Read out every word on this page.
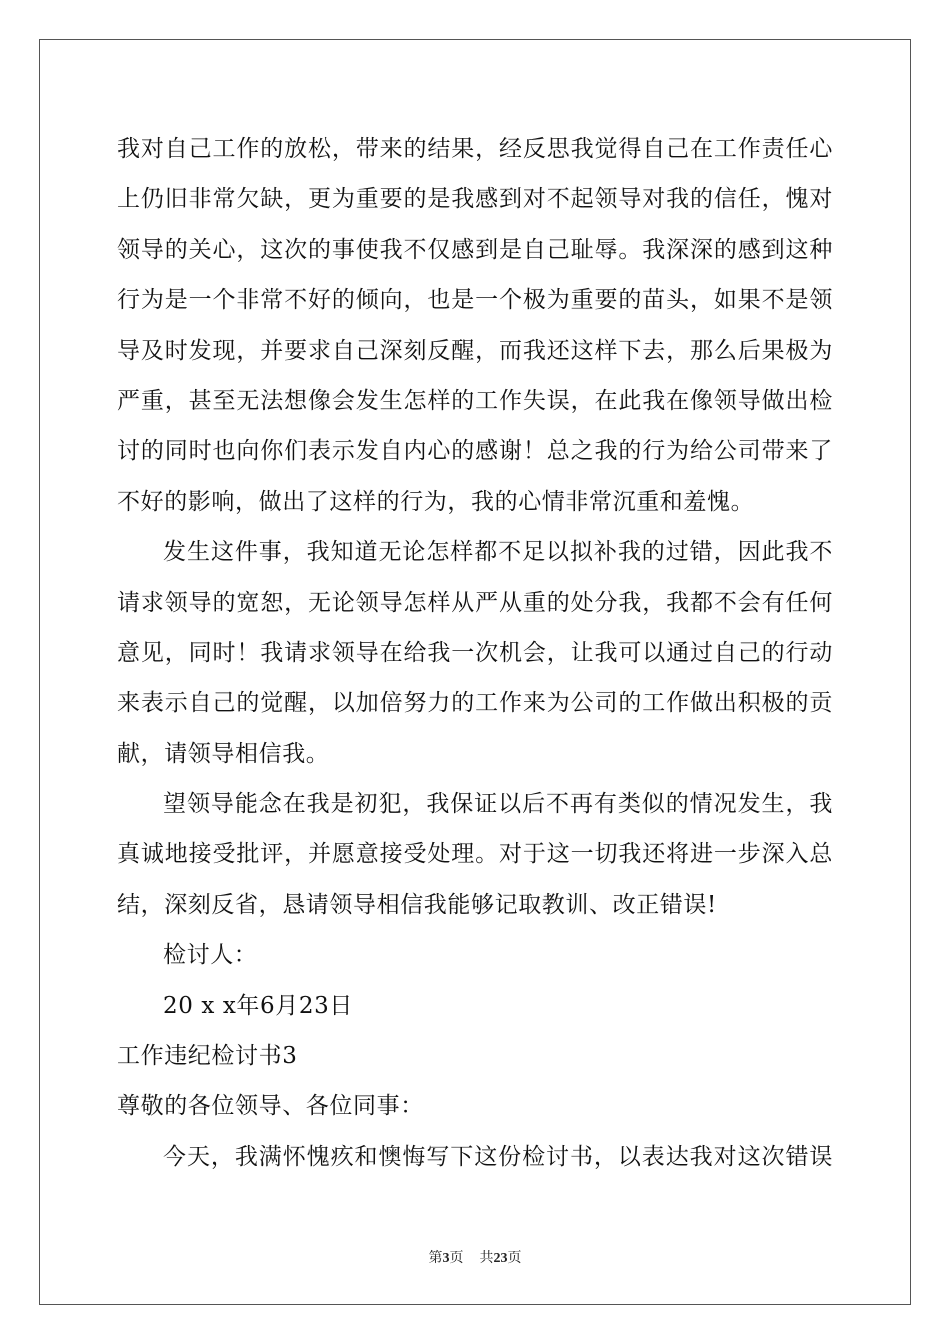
我对自己工作的放松，带来的结果，经反思我觉得自己在工作责任心
上仍旧非常欠缺，更为重要的是我感到对不起领导对我的信任，愧对
领导的关心，这次的事使我不仅感到是自己耻辱。我深深的感到这种
行为是一个非常不好的倾向，也是一个极为重要的苗头，如果不是领
导及时发现，并要求自己深刻反醒，而我还这样下去，那么后果极为
严重，甚至无法想像会发生怎样的工作失误，在此我在像领导做出检
讨的同时也向你们表示发自内心的感谢！总之我的行为给公司带来了
不好的影响，做出了这样的行为，我的心情非常沉重和羞愧。
发生这件事，我知道无论怎样都不足以拟补我的过错，因此我不
请求领导的宽恕，无论领导怎样从严从重的处分我，我都不会有任何
意见，同时！我请求领导在给我一次机会，让我可以通过自己的行动
来表示自己的觉醒，以加倍努力的工作来为公司的工作做出积极的贡
献，请领导相信我。
望领导能念在我是初犯，我保证以后不再有类似的情况发生，我
真诚地接受批评，并愿意接受处理。对于这一切我还将进一步深入总
结，深刻反省，恳请领导相信我能够记取教训、改正错误!
检讨人：
20 x x年6月23日
工作违纪检讨书3
尊敬的各位领导、各位同事：
今天，我满怀愧疚和懊悔写下这份检讨书，以表达我对这次错误
第3页 共23页
